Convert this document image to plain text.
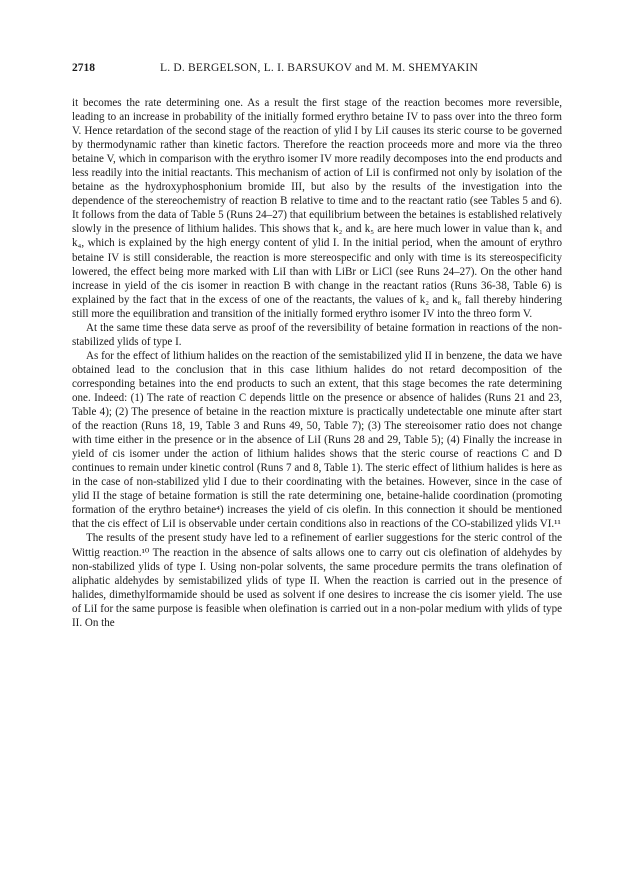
2718	L. D. BERGELSON, L. I. BARSUKOV and M. M. SHEMYAKIN

it becomes the rate determining one. As a result the first stage of the reaction becomes more reversible, leading to an increase in probability of the initially formed erythro betaine IV to pass over into the threo form V. Hence retardation of the second stage of the reaction of ylid I by LiI causes its steric course to be governed by thermodynamic rather than kinetic factors. Therefore the reaction proceeds more and more via the threo betaine V, which in comparison with the erythro isomer IV more readily decomposes into the end products and less readily into the initial reactants. This mechanism of action of LiI is confirmed not only by isolation of the betaine as the hydroxyphosphonium bromide III, but also by the results of the investigation into the dependence of the stereochemistry of reaction B relative to time and to the reactant ratio (see Tables 5 and 6). It follows from the data of Table 5 (Runs 24–27) that equilibrium between the betaines is established relatively slowly in the presence of lithium halides. This shows that k₂ and k₅ are here much lower in value than k₁ and k₄, which is explained by the high energy content of ylid I. In the initial period, when the amount of erythro betaine IV is still considerable, the reaction is more stereospecific and only with time is its stereospecificity lowered, the effect being more marked with LiI than with LiBr or LiCl (see Runs 24–27). On the other hand increase in yield of the cis isomer in reaction B with change in the reactant ratios (Runs 36-38, Table 6) is explained by the fact that in the excess of one of the reactants, the values of k₂ and k₆ fall thereby hindering still more the equilibration and transition of the initially formed erythro isomer IV into the threo form V.

At the same time these data serve as proof of the reversibility of betaine formation in reactions of the non-stabilized ylids of type I.

As for the effect of lithium halides on the reaction of the semistabilized ylid II in benzene, the data we have obtained lead to the conclusion that in this case lithium halides do not retard decomposition of the corresponding betaines into the end products to such an extent, that this stage becomes the rate determining one. Indeed: (1) The rate of reaction C depends little on the presence or absence of halides (Runs 21 and 23, Table 4); (2) The presence of betaine in the reaction mixture is practically undetectable one minute after start of the reaction (Runs 18, 19, Table 3 and Runs 49, 50, Table 7); (3) The stereoisomer ratio does not change with time either in the presence or in the absence of LiI (Runs 28 and 29, Table 5); (4) Finally the increase in yield of cis isomer under the action of lithium halides shows that the steric course of reactions C and D continues to remain under kinetic control (Runs 7 and 8, Table 1). The steric effect of lithium halides is here as in the case of non-stabilized ylid I due to their coordinating with the betaines. However, since in the case of ylid II the stage of betaine formation is still the rate determining one, betaine-halide coordination (promoting formation of the erythro betaine⁴) increases the yield of cis olefin. In this connection it should be mentioned that the cis effect of LiI is observable under certain conditions also in reactions of the CO-stabilized ylids VI.¹¹

The results of the present study have led to a refinement of earlier suggestions for the steric control of the Wittig reaction.¹⁰ The reaction in the absence of salts allows one to carry out cis olefination of aldehydes by non-stabilized ylids of type I. Using non-polar solvents, the same procedure permits the trans olefination of aliphatic aldehydes by semistabilized ylids of type II. When the reaction is carried out in the presence of halides, dimethylformamide should be used as solvent if one desires to increase the cis isomer yield. The use of LiI for the same purpose is feasible when olefination is carried out in a non-polar medium with ylids of type II. On the
